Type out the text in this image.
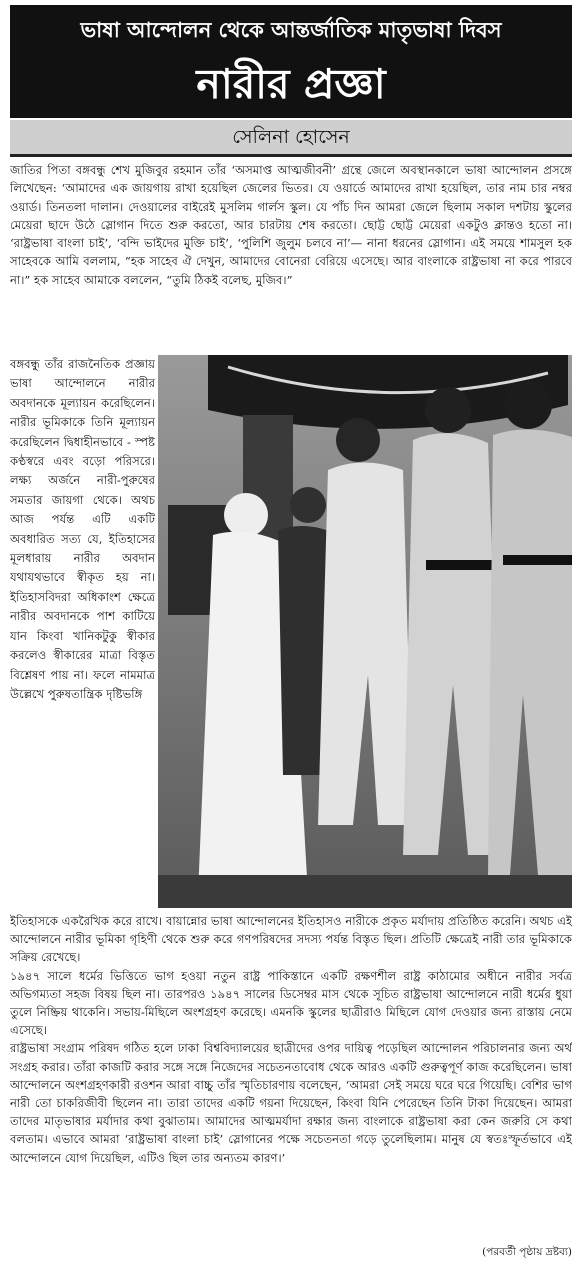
ভাষা আন্দোলন থেকে আন্তর্জাতিক মাতৃভাষা দিবস
নারীর প্রজ্ঞা
সেলিনা হোসেন
জাতির পিতা বঙ্গবন্ধু শেখ মুজিবুর রহমান তাঁর ‘অসমাপ্ত আত্মজীবনী’ গ্রন্থে জেলে অবস্থানকালে ভাষা আন্দোলন প্রসঙ্গে লিখেছেন: ‘আমাদের এক জায়গায় রাখা হয়েছিল জেলের ভিতর। যে ওয়ার্ডে আমাদের রাখা হয়েছিল, তার নাম চার নম্বর ওয়ার্ড। তিনতলা দালান। দেওয়ালের বাইরেই মুসলিম গার্লস স্কুল। যে পাঁচ দিন আমরা জেলে ছিলাম সকাল দশটায় স্কুলের মেয়েরা ছাদে উঠে স্লোগান দিতে শুরু করতো, আর চারটায় শেষ করতো। ছোট্ট ছোট্ট মেয়েরা একটুও ক্লান্তও হতো না। ‘রাষ্ট্রভাষা বাংলা চাই’, ‘বন্দি ভাইদের মুক্তি চাই’, ‘পুলিশি জুলুম চলবে না’— নানা ধরনের স্লোগান। এই সময়ে শামসুল হক সাহেবকে আমি বললাম, “হক সাহেব ঐ দেখুন, আমাদের বোনেরা বেরিয়ে এসেছে। আর বাংলাকে রাষ্ট্রভাষা না করে পারবে না।” হক সাহেব আমাকে বললেন, “তুমি ঠিকই বলেছ, মুজিব।”
বঙ্গবন্ধু তাঁর রাজনৈতিক প্রজ্ঞায় ভাষা আন্দোলনে নারীর অবদানকে মূল্যায়ন করেছিলেন। নারীর ভূমিকাকে তিনি মূল্যায়ন করেছিলেন দ্বিধাহীনভাবে - স্পষ্ট কণ্ঠস্বরে এবং বড়ো পরিসরে। লক্ষ্য অর্জনে নারী-পুরুষের সমতার জায়গা থেকে। অথচ আজ পর্যন্ত এটি একটি অবধারিত সত্য যে, ইতিহাসের মূলধারায় নারীর অবদান যথাযথভাবে স্বীকৃত হয় না। ইতিহাসবিদরা অধিকাংশ ক্ষেত্রে নারীর অবদানকে পাশ কাটিয়ে যান কিংবা খানিকটুকু স্বীকার করলেও স্বীকারের মাত্রা বিস্তৃত বিশ্লেষণ পায় না। ফলে নামমাত্র উল্লেখে পুরুষতান্ত্রিক দৃষ্টিভঙ্গি

ইতিহাসকে একরৈখিক করে রাখে। বায়ান্নোর ভাষা আন্দোলনের ইতিহাসও নারীকে প্রকৃত মর্যাদায় প্রতিষ্ঠিত করেনি। অথচ এই আন্দোলনে নারীর ভূমিকা গৃহিণী থেকে শুরু করে গণপরিষদের সদস্য পর্যন্ত বিস্তৃত ছিল। প্রতিটি ক্ষেত্রেই নারী তার ভূমিকাকে সক্রিয় রেখেছে।

১৯৪৭ সালে ধর্মের ভিত্তিতে ভাগ হওয়া নতুন রাষ্ট্র পাকিস্তানে একটি রক্ষণশীল রাষ্ট্র কাঠামোর অধীনে নারীর সর্বত্র অভিগম্যতা সহজ বিষয় ছিল না। তারপরও ১৯৪৭ সালের ডিসেম্বর মাস থেকে সূচিত রাষ্ট্রভাষা আন্দোলনে নারী ধর্মের ধুয়া তুলে নিষ্ক্রিয় থাকেনি। সভায়-মিছিলে অংশগ্রহণ করেছে। এমনকি স্কুলের ছাত্রীরাও মিছিলে যোগ দেওয়ার জন্য রাস্তায় নেমে এসেছে।

রাষ্ট্রভাষা সংগ্রাম পরিষদ গঠিত হলে ঢাকা বিশ্ববিদ্যালয়ের ছাত্রীদের ওপর দায়িত্ব পড়েছিল আন্দোলন পরিচালনার জন্য অর্থ সংগ্রহ করার। তাঁরা কাজটি করার সঙ্গে সঙ্গে নিজেদের সচেতনতাবোধ থেকে আরও একটি গুরুত্বপূর্ণ কাজ করেছিলেন। ভাষা আন্দোলনে অংশগ্রহণকারী রওশন আরা বাচ্চু তাঁর স্মৃতিচারণায় বলেছেন, ‘আমরা সেই সময়ে ঘরে ঘরে গিয়েছি। বেশির ভাগ নারী তো চাকরিজীবী ছিলেন না। তারা তাদের একটি গয়না দিয়েছেন, কিংবা যিনি পেরেছেন তিনি টাকা দিয়েছেন। আমরা তাদের মাতৃভাষার মর্যাদার কথা বুঝাতাম। আমাদের আত্মমর্যাদা রক্ষার জন্য বাংলাকে রাষ্ট্রভাষা করা কেন জরুরি সে কথা বলতাম। এভাবে আমরা ‘রাষ্ট্রভাষা বাংলা চাই’ স্লোগানের পক্ষে সচেতনতা গড়ে তুলেছিলাম। মানুষ যে স্বতঃস্ফূর্তভাবে এই আন্দোলনে যোগ দিয়েছিল, এটিও ছিল তার অন্যতম কারণ।’

(পরবর্তী পৃষ্ঠায় দ্রষ্টব্য)
